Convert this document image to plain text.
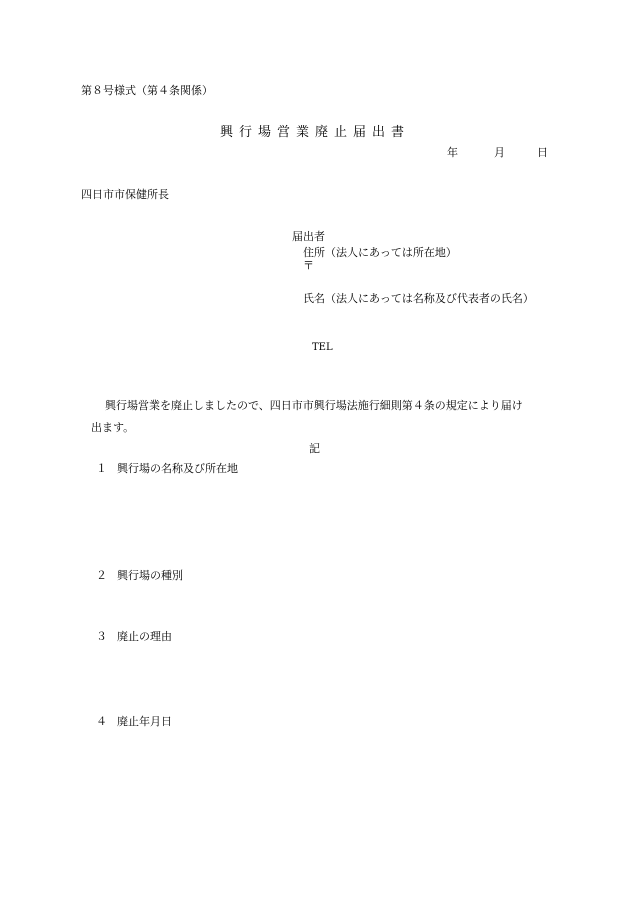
第８号様式（第４条関係）
興行場営業廃止届出書
年	月	日
四日市市保健所長
届出者
住所（法人にあっては所在地）
〒
氏名（法人にあっては名称及び代表者の氏名）
TEL
興行場営業を廃止しましたので、四日市市興行場法施行細則第４条の規定により届け
出ます。
記
１ 興行場の名称及び所在地
２ 興行場の種別
３ 廃止の理由
４ 廃止年月日
